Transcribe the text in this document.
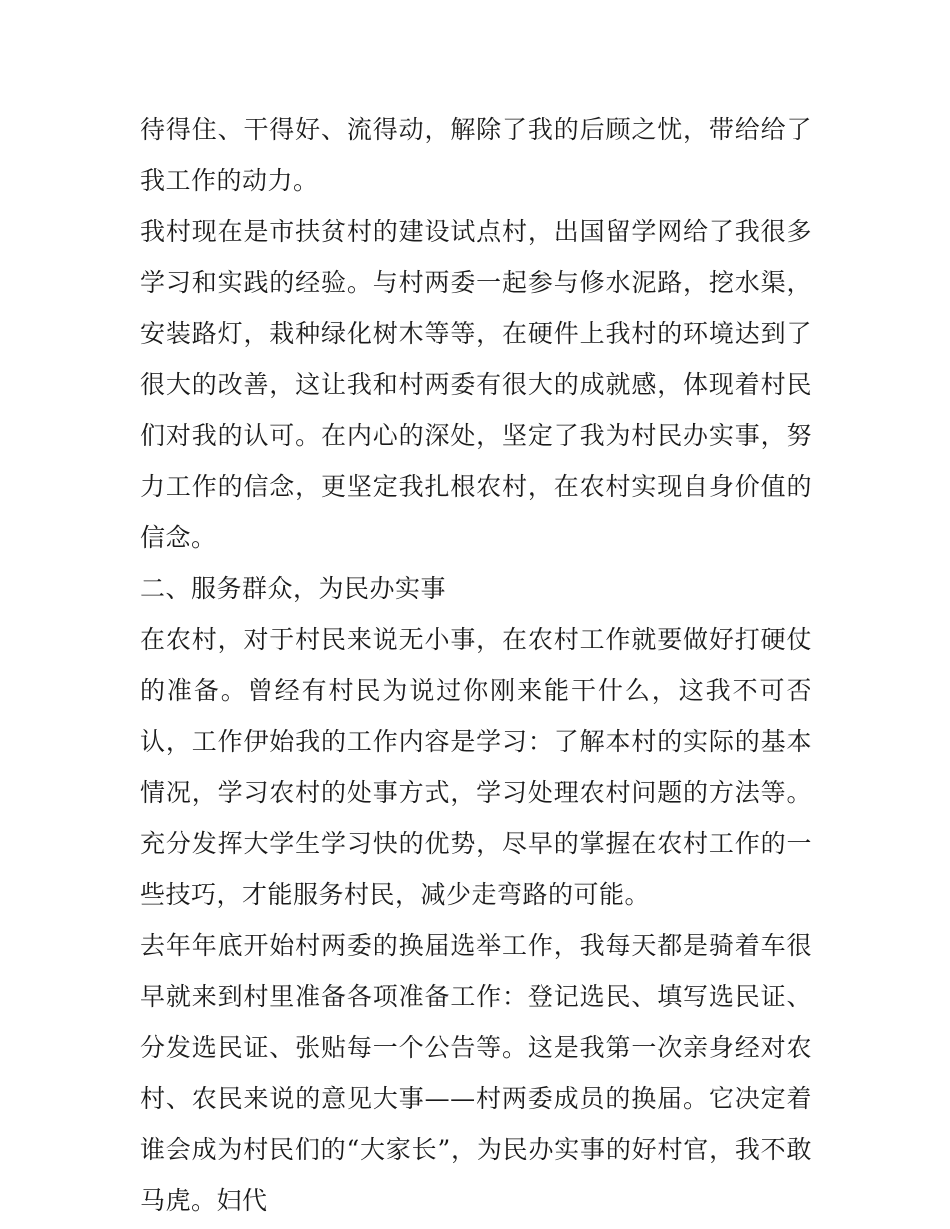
待得住、干得好、流得动，解除了我的后顾之忧，带给给了我工作的动力。

我村现在是市扶贫村的建设试点村，出国留学网给了我很多学习和实践的经验。与村两委一起参与修水泥路，挖水渠，安装路灯，栽种绿化树木等等，在硬件上我村的环境达到了很大的改善，这让我和村两委有很大的成就感，体现着村民们对我的认可。在内心的深处，坚定了我为村民办实事，努力工作的信念，更坚定我扎根农村，在农村实现自身价值的信念。

二、服务群众，为民办实事

在农村，对于村民来说无小事，在农村工作就要做好打硬仗的准备。曾经有村民为说过你刚来能干什么，这我不可否认，工作伊始我的工作内容是学习：了解本村的实际的基本情况，学习农村的处事方式，学习处理农村问题的方法等。充分发挥大学生学习快的优势，尽早的掌握在农村工作的一些技巧，才能服务村民，减少走弯路的可能。

去年年底开始村两委的换届选举工作，我每天都是骑着车很早就来到村里准备各项准备工作：登记选民、填写选民证、分发选民证、张贴每一个公告等。这是我第一次亲身经对农村、农民来说的意见大事——村两委成员的换届。它决定着谁会成为村民们的“大家长”，为民办实事的好村官，我不敢马虎。妇代
